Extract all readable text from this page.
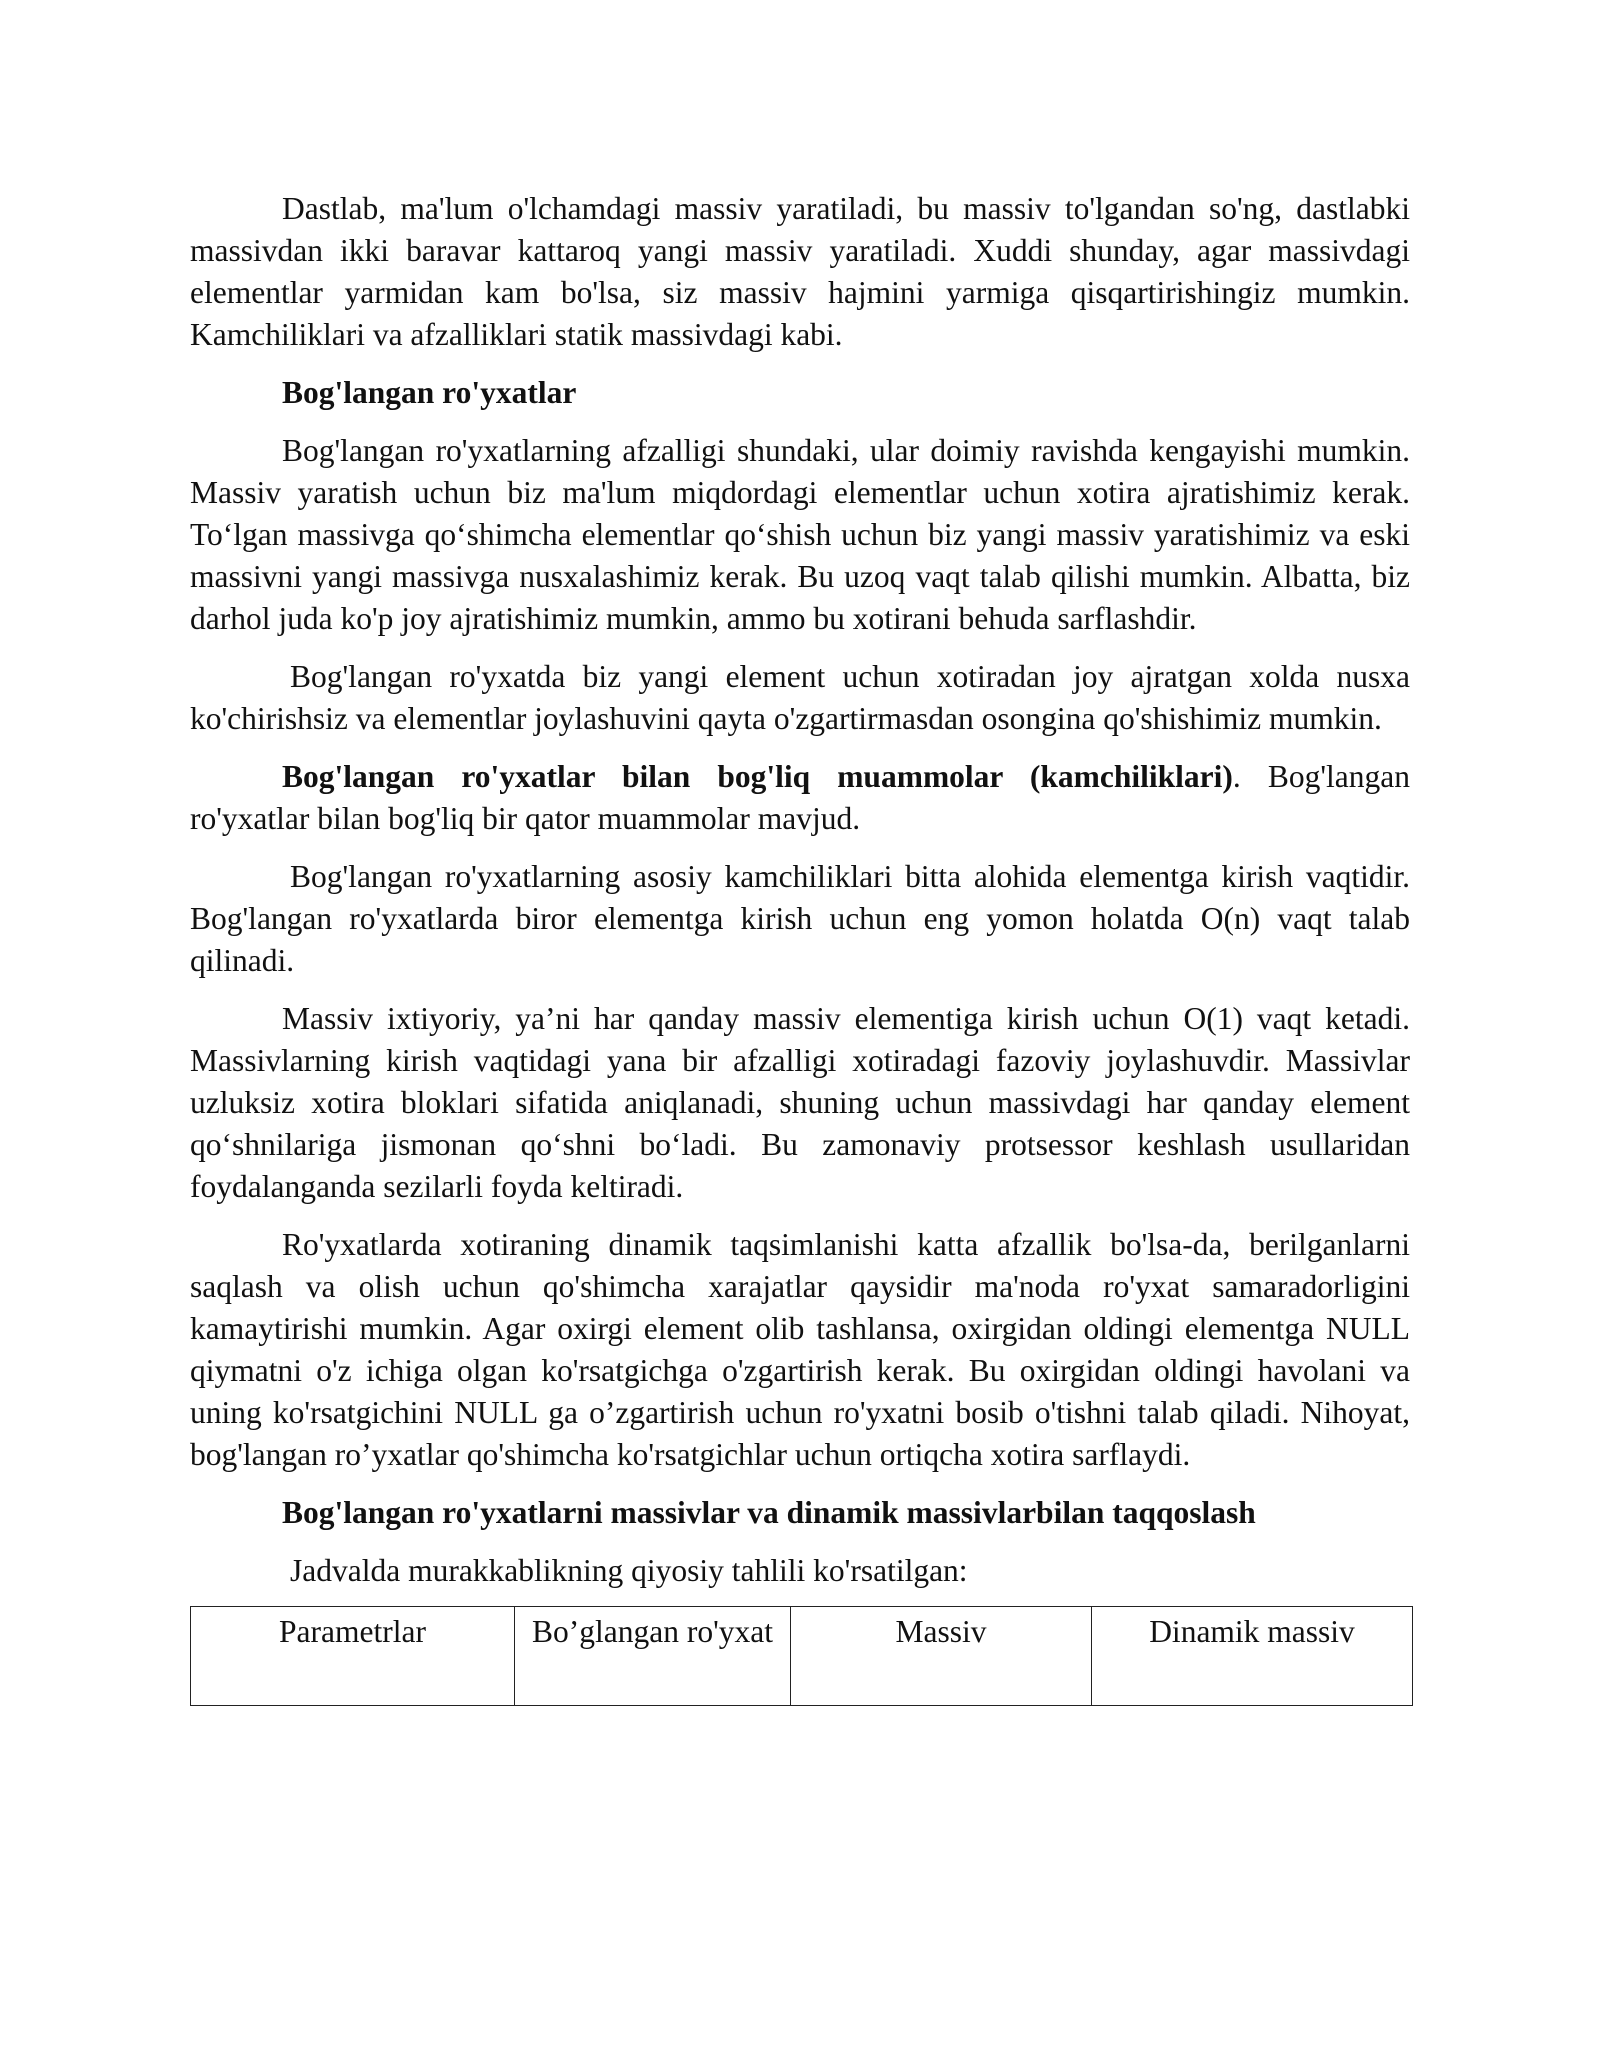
Dastlab, ma'lum o'lchamdagi massiv yaratiladi, bu massiv to'lgandan so'ng, dastlabki massivdan ikki baravar kattaroq yangi massiv yaratiladi. Xuddi shunday, agar massivdagi elementlar yarmidan kam bo'lsa, siz massiv hajmini yarmiga qisqartirishingiz mumkin. Kamchiliklari va afzalliklari statik massivdagi kabi.

Bog'langan ro'yxatlar

Bog'langan ro'yxatlarning afzalligi shundaki, ular doimiy ravishda kengayishi mumkin. Massiv yaratish uchun biz ma'lum miqdordagi elementlar uchun xotira ajratishimiz kerak. To‘lgan massivga qo‘shimcha elementlar qo‘shish uchun biz yangi massiv yaratishimiz va eski massivni yangi massivga nusxalashimiz kerak. Bu uzoq vaqt talab qilishi mumkin. Albatta, biz darhol juda ko'p joy ajratishimiz mumkin, ammo bu xotirani behuda sarflashdir.

Bog'langan ro'yxatda biz yangi element uchun xotiradan joy ajratgan xolda nusxa ko'chirishsiz va elementlar joylashuvini qayta o'zgartirmasdan osongina qo'shishimiz mumkin.

Bog'langan ro'yxatlar bilan bog'liq muammolar (kamchiliklari). Bog'langan ro'yxatlar bilan bog'liq bir qator muammolar mavjud.

Bog'langan ro'yxatlarning asosiy kamchiliklari bitta alohida elementga kirish vaqtidir. Bog'langan ro'yxatlarda biror elementga kirish uchun eng yomon holatda O(n) vaqt talab qilinadi.

Massiv ixtiyoriy, ya’ni har qanday massiv elementiga kirish uchun O(1) vaqt ketadi. Massivlarning kirish vaqtidagi yana bir afzalligi xotiradagi fazoviy joylashuvdir. Massivlar uzluksiz xotira bloklari sifatida aniqlanadi, shuning uchun massivdagi har qanday element qo‘shnilariga jismonan qo‘shni bo‘ladi. Bu zamonaviy protsessor keshlash usullaridan foydalanganda sezilarli foyda keltiradi.

Ro'yxatlarda xotiraning dinamik taqsimlanishi katta afzallik bo'lsa-da, berilganlarni saqlash va olish uchun qo'shimcha xarajatlar qaysidir ma'noda ro'yxat samaradorligini kamaytirishi mumkin. Agar oxirgi element olib tashlansa, oxirgidan oldingi elementga NULL qiymatni o'z ichiga olgan ko'rsatgichga o'zgartirish kerak. Bu oxirgidan oldingi havolani va uning ko'rsatgichini NULL ga o’zgartirish uchun ro'yxatni bosib o'tishni talab qiladi. Nihoyat, bog'langan ro’yxatlar qo'shimcha ko'rsatgichlar uchun ortiqcha xotira sarflaydi.

Bog'langan ro'yxatlarni massivlar va dinamik massivlarbilan taqqoslash

Jadvalda murakkablikning qiyosiy tahlili ko'rsatilgan:

Parametrlar	Bo’glangan ro'yxat	Massiv	Dinamik massiv
